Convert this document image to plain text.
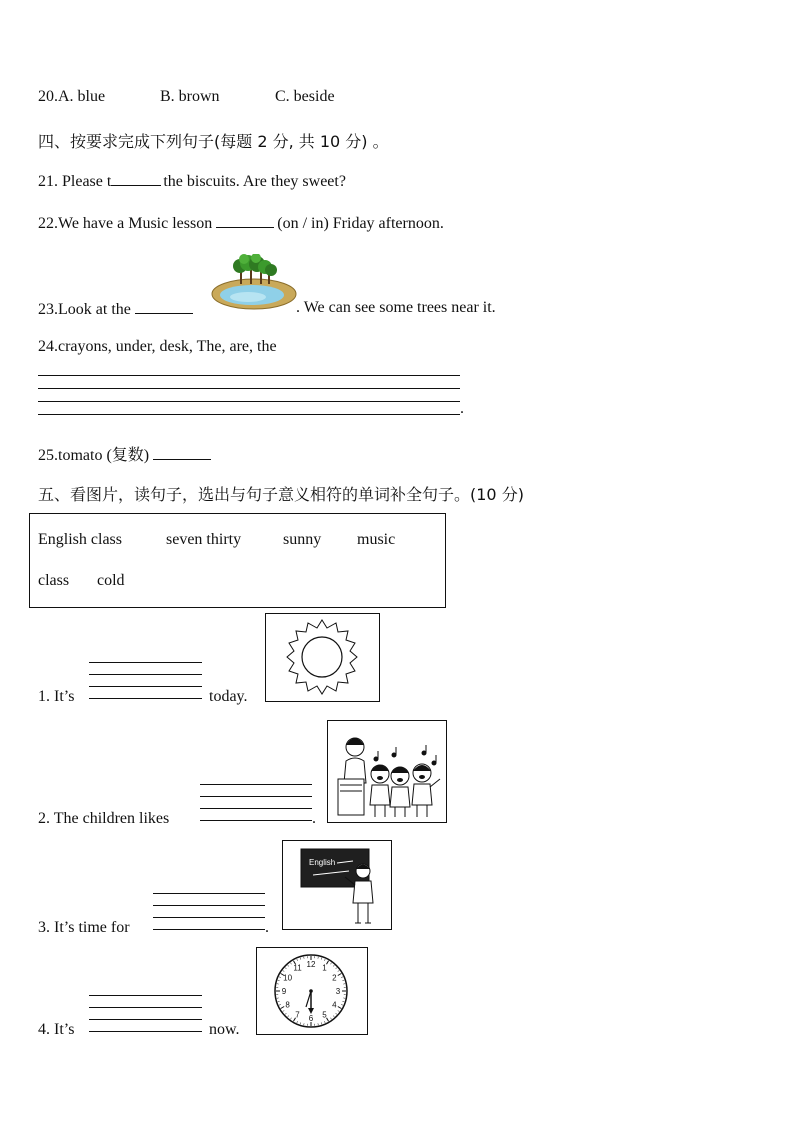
20.A. blue	B. brown	C. beside
四、按要求完成下列句子(每题 2 分, 共 10 分) 。
21. Please t	the biscuits. Are they sweet?
22.We have a Music lesson	(on / in) Friday afternoon.
23.Look at the	. We can see some trees near it.
24.crayons, under, desk, The, are, the
.
25.tomato (复数)
五、看图片，读句子，选出与句子意义相符的单词补全句子。(10 分)
English class	seven thirty	sunny music
class cold
1. It’s	today.
2. The children likes	.
3. It’s time for	.
English
4. It’s	now.
12 1
2
3
4
5
6
7
8
9
10
11
